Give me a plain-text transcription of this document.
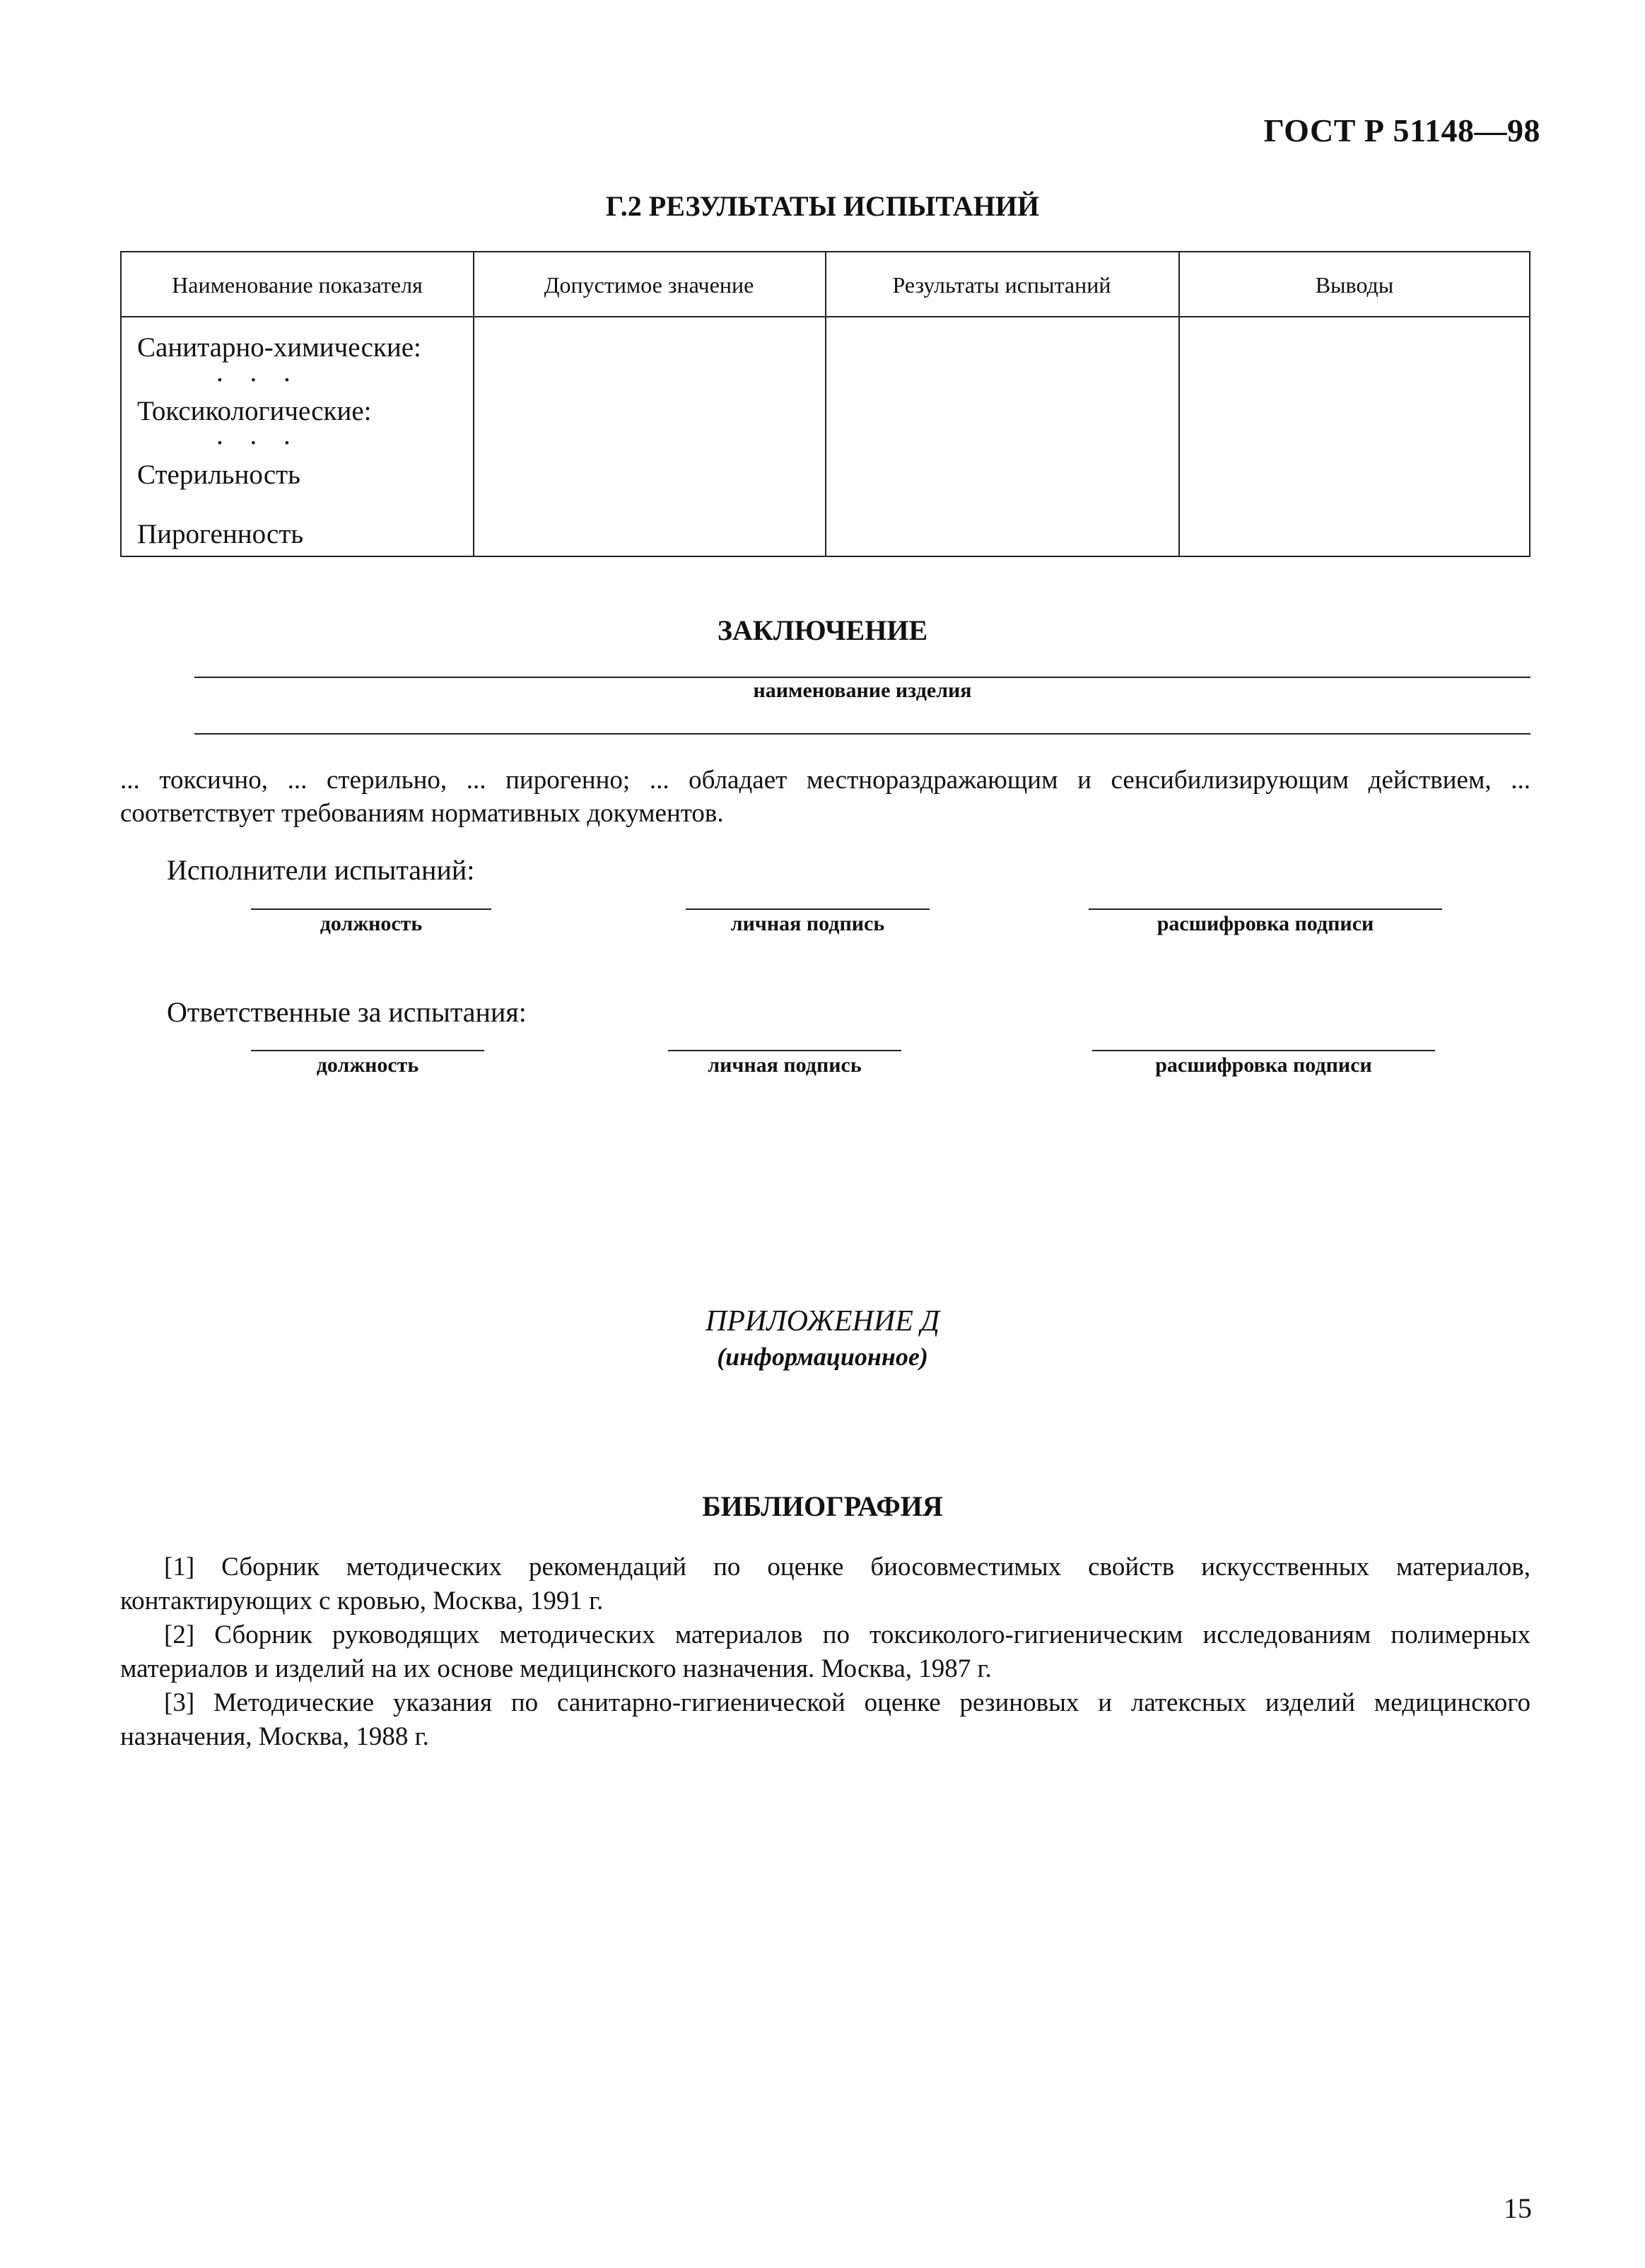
ГОСТ Р 51148—98
Г.2 РЕЗУЛЬТАТЫ ИСПЫТАНИЙ
Наименование показателя	Допустимое значение	Результаты испытаний	Выводы
Санитарно-химические:
. . .
Токсикологические:
. . .
Стерильность
Пирогенность
ЗАКЛЮЧЕНИЕ
наименование изделия
... токсично, ... стерильно, ... пирогенно; ... обладает местнораздражающим и сенсибилизирующим действием, ... соответствует требованиям нормативных документов.
Исполнители испытаний:
должность	личная подпись	расшифровка подписи
Ответственные за испытания:
должность	личная подпись	расшифровка подписи
ПРИЛОЖЕНИЕ Д
(информационное)
БИБЛИОГРАФИЯ
[1] Сборник методических рекомендаций по оценке биосовместимых свойств искусственных материалов, контактирующих с кровью, Москва, 1991 г.
[2] Сборник руководящих методических материалов по токсиколого-гигиеническим исследованиям полимерных материалов и изделий на их основе медицинского назначения. Москва, 1987 г.
[3] Методические указания по санитарно-гигиенической оценке резиновых и латексных изделий медицинского назначения, Москва, 1988 г.
15
